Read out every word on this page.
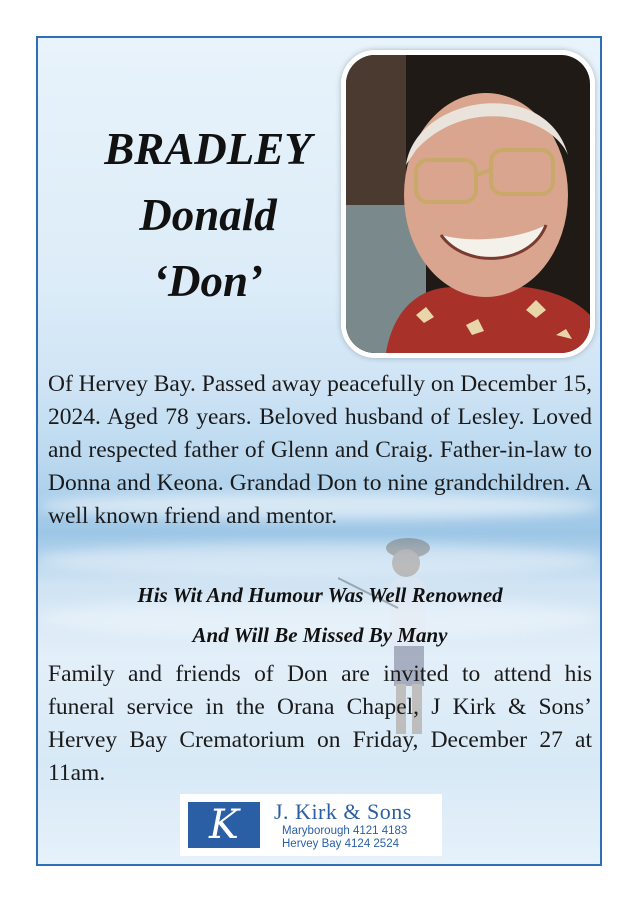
BRADLEY
Donald
‘Don’

Of Hervey Bay. Passed away peacefully on December 15, 2024. Aged 78 years. Beloved husband of Lesley. Loved and respected father of Glenn and Craig. Father-in-law to Donna and Keona. Grandad Don to nine grandchildren. A well known friend and mentor.

His Wit And Humour Was Well Renowned
And Will Be Missed By Many

Family and friends of Don are invited to attend his funeral service in the Orana Chapel, J Kirk & Sons’ Hervey Bay Crematorium on Friday, December 27 at 11am.

K	J. Kirk & Sons
Maryborough 4121 4183
Hervey Bay 4124 2524
